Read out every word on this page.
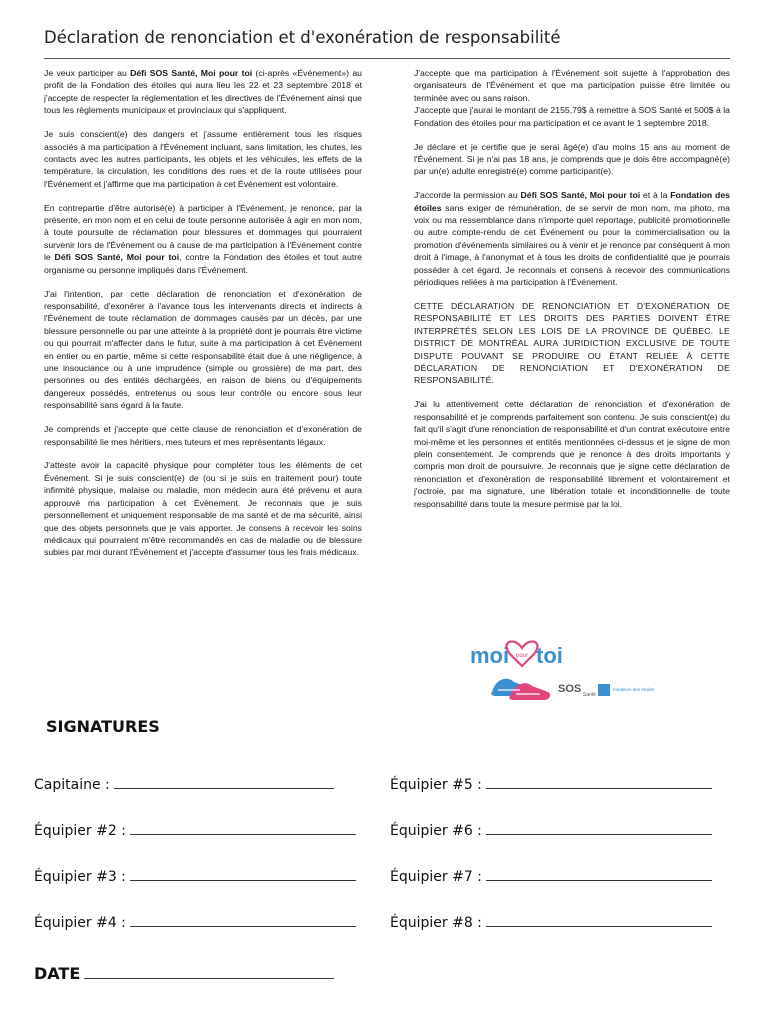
Déclaration de renonciation et d'exonération de responsabilité

Je veux participer au Défi SOS Santé, Moi pour toi (ci-après «Événement») au profit de la Fondation des étoiles qui aura lieu les 22 et 23 septembre 2018 et j'accepte de respecter la réglementation et les directives de l'Événement ainsi que tous les règlements municipaux et provinciaux qui s'appliquent.

Je suis conscient(e) des dangers et j'assume entièrement tous les risques associés à ma participation à l'Événement incluant, sans limitation, les chutes, les contacts avec les autres participants, les objets et les véhicules, les effets de la température, la circulation, les conditions des rues et de la route utilisées pour l'Événement et j'affirme que ma participation à cet Événement est volontaire.

En contrepartie d'être autorisé(e) à participer à l'Événement, je renonce, par la présente, en mon nom et en celui de toute personne autorisée à agir en mon nom, à toute poursuite de réclamation pour blessures et dommages qui pourraient survenir lors de l'Événement ou à cause de ma participation à l'Événement contre le Défi SOS Santé, Moi pour toi, contre la Fondation des étoiles et tout autre organisme ou personne impliqués dans l'Événement.

J'ai l'intention, par cette déclaration de renonciation et d'exonération de responsabilité, d'exonérer à l'avance tous les intervenants directs et indirects à l'Événement de toute réclamation de dommages causés par un décès, par une blessure personnelle ou par une atteinte à la propriété dont je pourrais être victime ou qui pourrait m'affecter dans le futur, suite à ma participation à cet Événement en entier ou en partie, même si cette responsabilité était due à une négligence, à une insouciance ou à une imprudence (simple ou grossière) de ma part, des personnes ou des entités déchargées, en raison de biens ou d'équipements dangereux possédés, entretenus ou sous leur contrôle ou encore sous leur responsabilité sans égard à la faute.

Je comprends et j'accepte que cette clause de renonciation et d'exonération de responsabilité lie mes héritiers, mes tuteurs et mes représentants légaux.

J'atteste avoir la capacité physique pour compléter tous les éléments de cet Événement. Si je suis conscient(e) de (ou si je suis en traitement pour) toute infirmité physique, malaise ou maladie, mon médecin aura été prévenu et aura approuvé ma participation à cet Événement. Je reconnais que je suis personnellement et uniquement responsable de ma santé et de ma sécurité, ainsi que des objets personnels que je vais apporter. Je consens à recevoir les soins médicaux qui pourraient m'être recommandés en cas de maladie ou de blessure subies par moi durant l'Événement et j'accepte d'assumer tous les frais médicaux.

J'accepte que ma participation à l'Événement soit sujette à l'approbation des organisateurs de l'Événement et que ma participation puisse être limitée ou terminée avec ou sans raison.

J'accepte que j'aurai le montant de 2155,79$ à remettre à SOS Santé et 500$ à la Fondation des étoiles pour ma participation et ce avant le 1 septembre 2018.

Je déclare et je certifie que je serai âgé(e) d'au moins 15 ans au moment de l'Événement. Si je n'ai pas 18 ans, je comprends que je dois être accompagné(e) par un(e) adulte enregistré(e) comme participant(e).

J'accorde la permission au Défi SOS Santé, Moi pour toi et à la Fondation des étoiles sans exiger de rémunération, de se servir de mon nom, ma photo, ma voix ou ma ressemblance dans n'importe quel reportage, publicité promotionnelle ou autre compte-rendu de cet Événement ou pour la commercialisation ou la promotion d'événements similaires ou à venir et je renonce par conséquent à mon droit à l'image, à l'anonymat et à tous les droits de confidentialité que je pourrais posséder à cet égard. Je reconnais et consens à recevoir des communications périodiques reliées à ma participation à l'Événement.

CETTE DÉCLARATION DE RENONCIATION ET D'EXONÉRATION DE RESPONSABILITÉ ET LES DROITS DES PARTIES DOIVENT ÊTRE INTERPRÉTÉS SELON LES LOIS DE LA PROVINCE DE QUÉBEC. LE DISTRICT DE MONTRÉAL AURA JURIDICTION EXCLUSIVE DE TOUTE DISPUTE POUVANT SE PRODUIRE OU ÉTANT RELIÉE À CETTE DÉCLARATION DE RENONCIATION ET D'EXONÉRATION DE RESPONSABILITÉ.

J'ai lu attentivement cette déclaration de renonciation et d'exonération de responsabilité et je comprends parfaitement son contenu. Je suis conscient(e) du fait qu'il s'agit d'une renonciation de responsabilité et d'un contrat exécutoire entre moi-même et les personnes et entités mentionnées ci-dessus et je signe de mon plein consentement. Je comprends que je renonce à des droits importants y compris mon droit de poursuivre. Je reconnais que je signe cette déclaration de renonciation et d'exonération de responsabilité librement et volontairement et j'octroie, par ma signature, une libération totale et inconditionnelle de toute responsabilité dans toute la mesure permise par la loi.

moi pour toi
SOS Santé
fondation des étoiles
SIGNATURES
Capitaine :
Équipier #2 :
Équipier #3 :
Équipier #4 :
Équipier #5 :
Équipier #6 :
Équipier #7 :
Équipier #8 :
DATE
